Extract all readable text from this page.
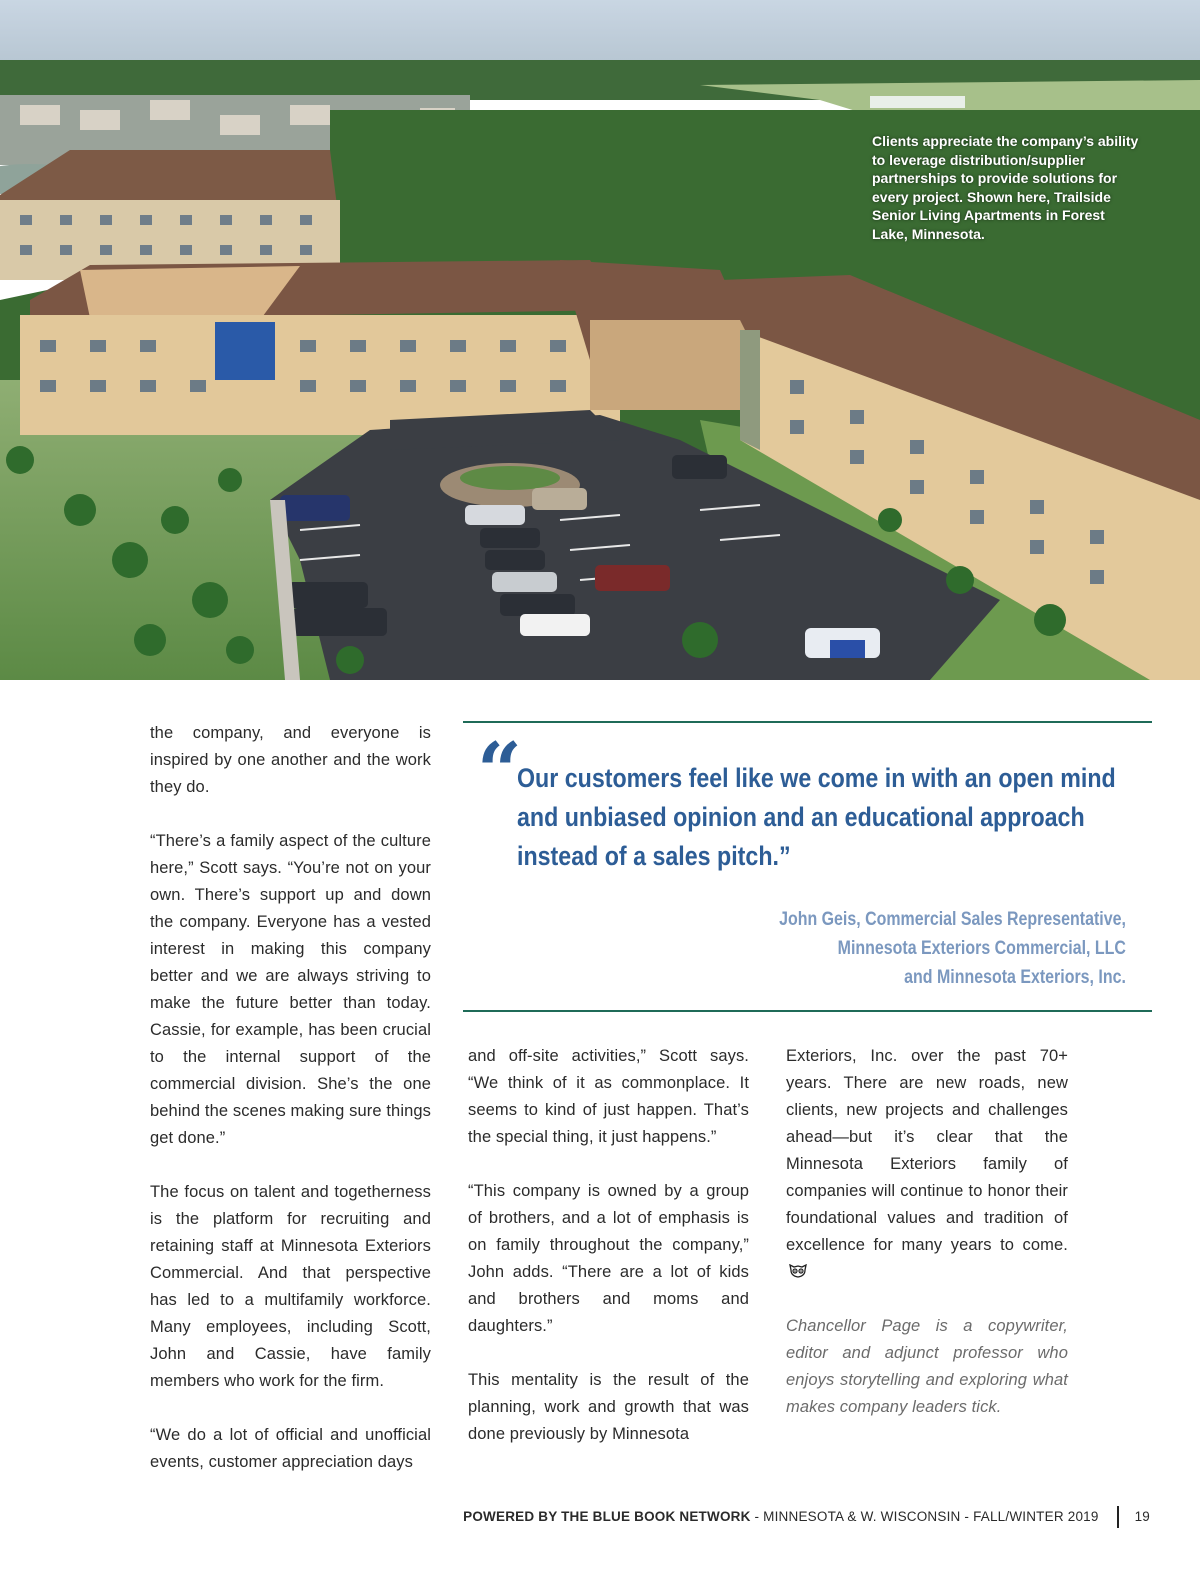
Clients appreciate the company’s ability to leverage distribution/supplier partnerships to provide solutions for every project. Shown here, Trailside Senior Living Apartments in Forest Lake, Minnesota.

the company, and everyone is inspired by one another and the work they do.

“There’s a family aspect of the culture here,” Scott says. “You’re not on your own. There’s support up and down the company. Everyone has a vested interest in making this company better and we are always striving to make the future better than today. Cassie, for example, has been crucial to the internal support of the commercial division. She’s the one behind the scenes making sure things get done.”

The focus on talent and togetherness is the platform for recruiting and retaining staff at Minnesota Exteriors Commercial. And that perspective has led to a multifamily workforce. Many employees, including Scott, John and Cassie, have family members who work for the firm.

“We do a lot of official and unofficial events, customer appreciation days

“
Our customers feel like we come in with an open mind and unbiased opinion and an educational approach instead of a sales pitch.”
John Geis, Commercial Sales Representative,
Minnesota Exteriors Commercial, LLC
and Minnesota Exteriors, Inc.

and off-site activities,” Scott says. “We think of it as commonplace. It seems to kind of just happen. That’s the special thing, it just happens.”

“This company is owned by a group of brothers, and a lot of emphasis is on family throughout the company,” John adds. “There are a lot of kids and brothers and moms and daughters.”

This mentality is the result of the planning, work and growth that was done previously by Minnesota

Exteriors, Inc. over the past 70+ years. There are new roads, new clients, new projects and challenges ahead—but it’s clear that the Minnesota Exteriors family of companies will continue to honor their foundational values and tradition of excellence for many years to come.

Chancellor Page is a copywriter, editor and adjunct professor who enjoys storytelling and exploring what makes company leaders tick.

POWERED BY THE BLUE BOOK NETWORK - MINNESOTA & W. WISCONSIN - FALL/WINTER 2019	19
